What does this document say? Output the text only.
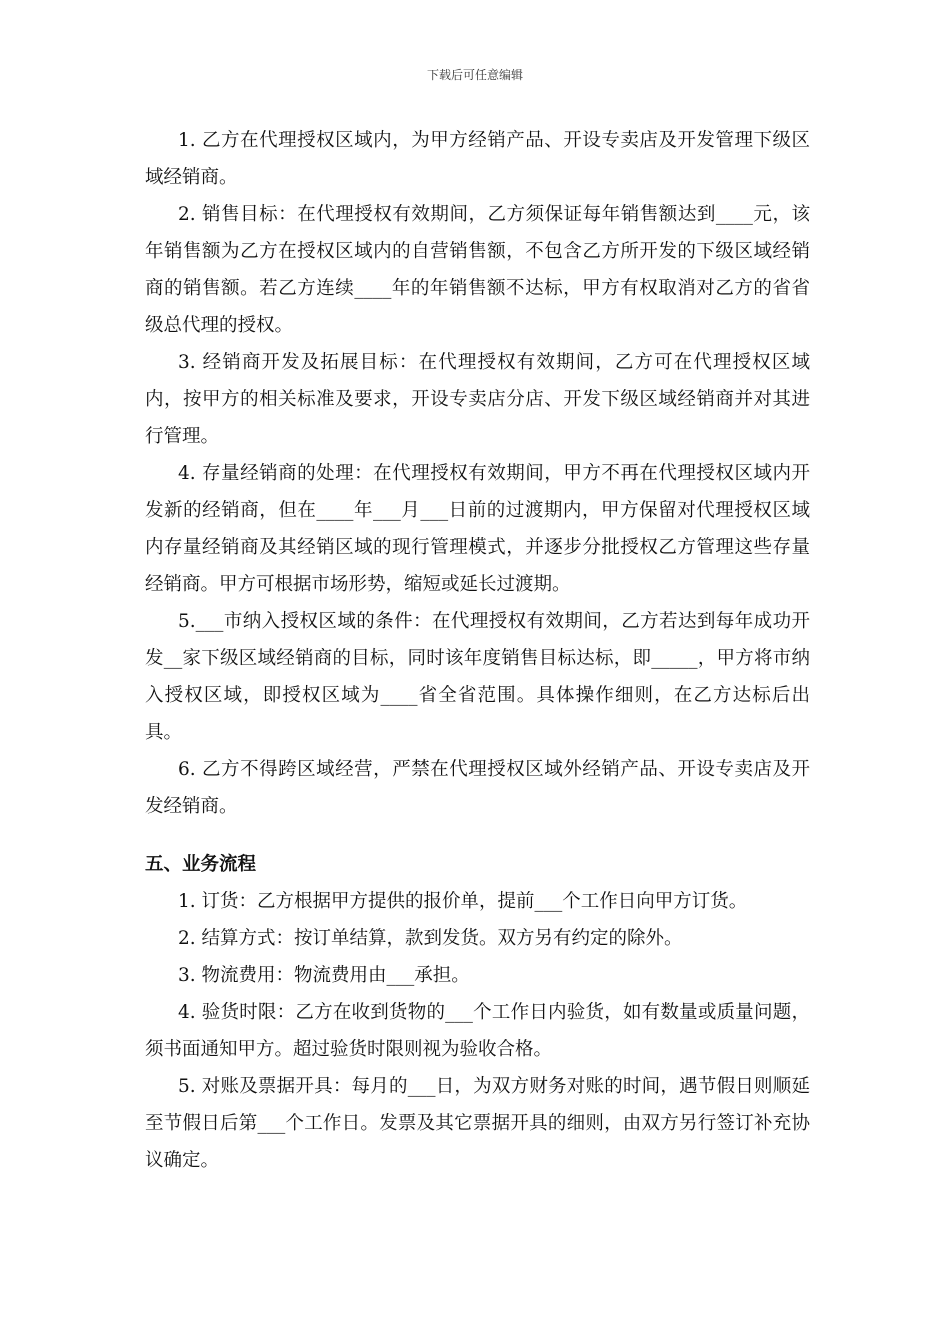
下载后可任意编辑

1. 乙方在代理授权区域内，为甲方经销产品、开设专卖店及开发管理下级区域经销商。

2. 销售目标：在代理授权有效期间，乙方须保证每年销售额达到____元，该年销售额为乙方在授权区域内的自营销售额，不包含乙方所开发的下级区域经销商的销售额。若乙方连续____年的年销售额不达标，甲方有权取消对乙方的省省级总代理的授权。

3. 经销商开发及拓展目标：在代理授权有效期间，乙方可在代理授权区域内，按甲方的相关标准及要求，开设专卖店分店、开发下级区域经销商并对其进行管理。

4. 存量经销商的处理：在代理授权有效期间，甲方不再在代理授权区域内开发新的经销商，但在____年___月___日前的过渡期内，甲方保留对代理授权区域内存量经销商及其经销区域的现行管理模式，并逐步分批授权乙方管理这些存量经销商。甲方可根据市场形势，缩短或延长过渡期。

5.___市纳入授权区域的条件：在代理授权有效期间，乙方若达到每年成功开发__家下级区域经销商的目标，同时该年度销售目标达标，即_____，甲方将市纳入授权区域，即授权区域为____省全省范围。具体操作细则，在乙方达标后出具。

6. 乙方不得跨区域经营，严禁在代理授权区域外经销产品、开设专卖店及开发经销商。

五、业务流程

1. 订货：乙方根据甲方提供的报价单，提前___个工作日向甲方订货。

2. 结算方式：按订单结算，款到发货。双方另有约定的除外。

3. 物流费用：物流费用由___承担。

4. 验货时限：乙方在收到货物的___个工作日内验货，如有数量或质量问题，须书面通知甲方。超过验货时限则视为验收合格。

5. 对账及票据开具：每月的___日，为双方财务对账的时间，遇节假日则顺延至节假日后第___个工作日。发票及其它票据开具的细则，由双方另行签订补充协议确定。
